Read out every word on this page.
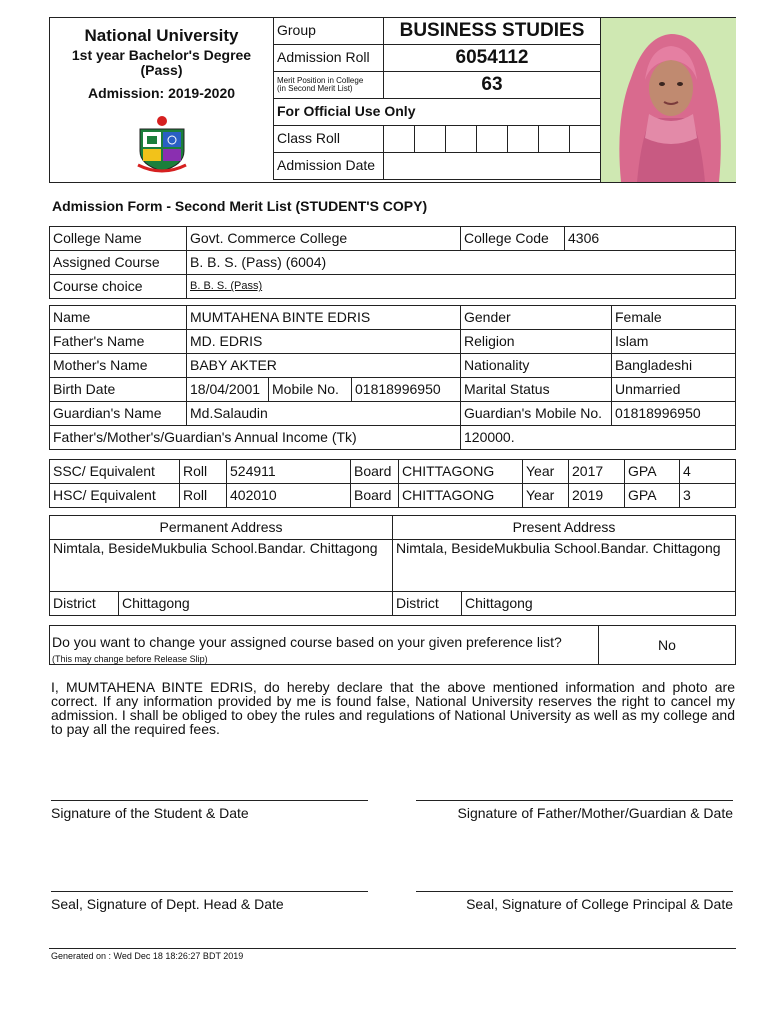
National University
1st year Bachelor's Degree
(Pass)
Admission: 2019-2020
Group	BUSINESS STUDIES						
Admission Roll	6054112						

Merit Position in College
(in Second Merit List)	63						
For Official Use Only							
Class Roll							
Admission Date							
Admission Form - Second Merit List (STUDENT'S COPY)
College Name	Govt. Commerce College	College Code	4306
Assigned Course	B. B. S. (Pass) (6004)		
Course choice	B. B. S. (Pass)		
Name	MUMTAHENA BINTE EDRIS			Gender	Female
Father's Name	MD. EDRIS			Religion	Islam
Mother's Name	BABY AKTER			Nationality	Bangladeshi
Birth Date	18/04/2001	Mobile No.	01818996950	Marital Status	Unmarried
Guardian's Name	Md.Salaudin			Guardian's Mobile No.	01818996950
Father's/Mother's/Guardian's Annual Income (Tk)				120000.	
SSC/ Equivalent	Roll	524911	Board	CHITTAGONG	Year	2017	GPA	4
HSC/ Equivalent	Roll	402010	Board	CHITTAGONG	Year	2019	GPA	3
Permanent Address		Present Address	
Nimtala, BesideMukbulia School.Bandar. Chittagong		Nimtala, BesideMukbulia School.Bandar. Chittagong	
District	Chittagong	District	Chittagong
Do you want to change your assigned course based on your given preference list?
(This may change before Release Slip)
No
I, MUMTAHENA BINTE EDRIS, do hereby declare that the above mentioned information and photo are correct. If any information provided by me is found false, National University reserves the right to cancel my admission. I shall be obliged to obey the rules and regulations of National University as well as my college and to pay all the required fees.
Signature of the Student & Date	Signature of Father/Mother/Guardian & Date
Seal, Signature of Dept. Head & Date	Seal, Signature of College Principal & Date
Generated on : Wed Dec 18 18:26:27 BDT 2019
